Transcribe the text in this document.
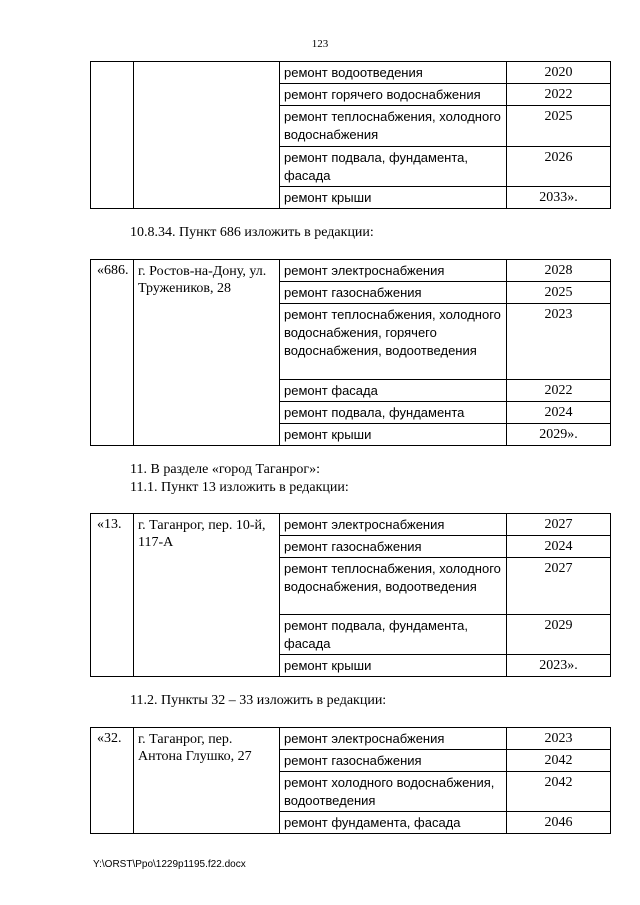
123
		ремонт водоотведения	2020
		ремонт горячего водоснабжения	2022
		ремонт теплоснабжения, холодного водоснабжения	2025
		ремонт подвала, фундамента, фасада	2026
		ремонт крыши	2033».

10.8.34. Пункт 686 изложить в редакции:

«686.	г. Ростов-на-Дону, ул. Тружеников, 28	ремонт электроснабжения	2028
		ремонт газоснабжения	2025
		ремонт теплоснабжения, холодного водоснабжения, горячего водоснабжения, водоотведения	2023
		ремонт фасада	2022
		ремонт подвала, фундамента	2024
		ремонт крыши	2029».

11. В разделе «город Таганрог»:

11.1. Пункт 13 изложить в редакции:

«13.	г. Таганрог, пер. 10-й, 117-А	ремонт электроснабжения	2027
		ремонт газоснабжения	2024
		ремонт теплоснабжения, холодного водоснабжения, водоотведения	2027
		ремонт подвала, фундамента, фасада	2029
		ремонт крыши	2023».

11.2. Пункты 32 – 33 изложить в редакции:

«32.	г. Таганрог, пер. Антона Глушко, 27	ремонт электроснабжения	2023
		ремонт газоснабжения	2042
		ремонт холодного водоснабжения, водоотведения	2042
		ремонт фундамента, фасада	2046
Y:\ORST\Ppo\1229p1195.f22.docx
